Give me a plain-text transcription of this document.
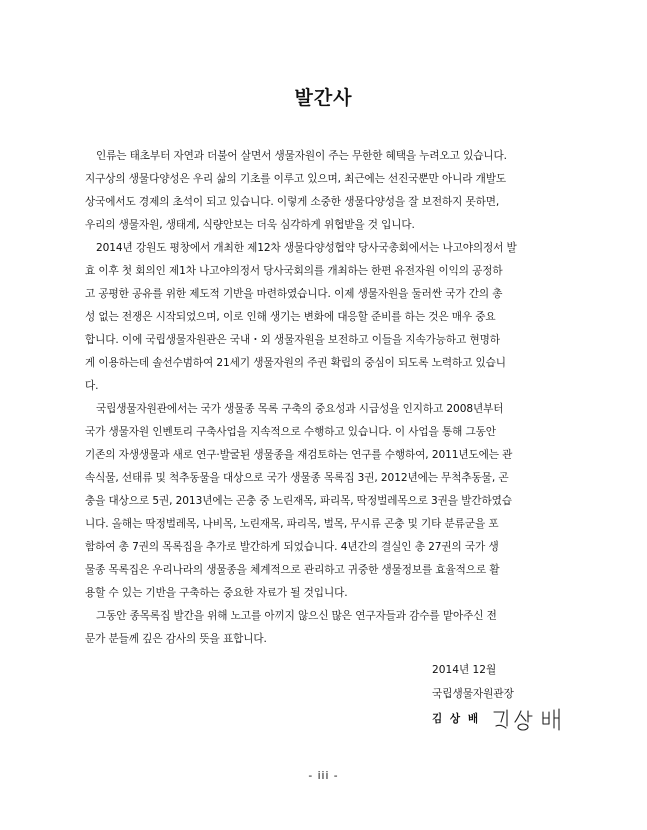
발간사
인류는 태초부터 자연과 더불어 살면서 생물자원이 주는 무한한 혜택을 누려오고 있습니다.
지구상의 생물다양성은 우리 삶의 기초를 이루고 있으며, 최근에는 선진국뿐만 아니라 개발도
상국에서도 경제의 초석이 되고 있습니다. 이렇게 소중한 생물다양성을 잘 보전하지 못하면,
우리의 생물자원, 생태계, 식량안보는 더욱 심각하게 위협받을 것 입니다.
2014년 강원도 평창에서 개최한 제12차 생물다양성협약 당사국총회에서는 나고야의정서 발
효 이후 첫 회의인 제1차 나고야의정서 당사국회의를 개최하는 한편 유전자원 이익의 공정하
고 공평한 공유를 위한 제도적 기반을 마련하였습니다. 이제 생물자원을 둘러싼 국가 간의 총
성 없는 전쟁은 시작되었으며, 이로 인해 생기는 변화에 대응할 준비를 하는 것은 매우 중요
합니다. 이에 국립생물자원관은 국내・외 생물자원을 보전하고 이들을 지속가능하고 현명하
게 이용하는데 솔선수범하여 21세기 생물자원의 주권 확립의 중심이 되도록 노력하고 있습니
다.
국립생물자원관에서는 국가 생물종 목록 구축의 중요성과 시급성을 인지하고 2008년부터
국가 생물자원 인벤토리 구축사업을 지속적으로 수행하고 있습니다. 이 사업을 통해 그동안
기존의 자생생물과 새로 연구·발굴된 생물종을 재검토하는 연구를 수행하여, 2011년도에는 관
속식물, 선태류 및 척추동물을 대상으로 국가 생물종 목록집 3권, 2012년에는 무척추동물, 곤
충을 대상으로 5권, 2013년에는 곤충 중 노린재목, 파리목, 딱정벌레목으로 3권을 발간하였습
니다. 올해는 딱정벌레목, 나비목, 노린재목, 파리목, 벌목, 무시류 곤충 및 기타 분류군을 포
함하여 총 7권의 목록집을 추가로 발간하게 되었습니다. 4년간의 결실인 총 27권의 국가 생
물종 목록집은 우리나라의 생물종을 체계적으로 관리하고 귀중한 생물정보를 효율적으로 활
용할 수 있는 기반을 구축하는 중요한 자료가 될 것입니다.
그동안 종목록집 발간을 위해 노고를 아끼지 않으신 많은 연구자들과 감수를 맡아주신 전
문가 분들께 깊은 감사의 뜻을 표합니다.
2014년 12월
국립생물자원관장
김 상 배
- iii -
